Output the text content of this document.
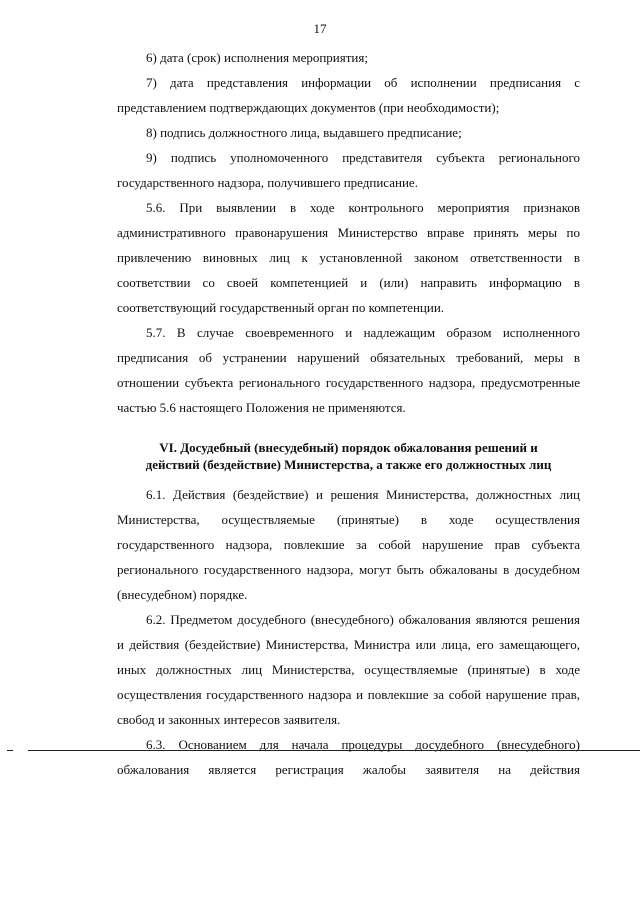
17

6) дата (срок) исполнения мероприятия;

7) дата представления информации об исполнении предписания с представлением подтверждающих документов (при необходимости);

8) подпись должностного лица, выдавшего предписание;

9) подпись уполномоченного представителя субъекта регионального государственного надзора, получившего предписание.

5.6. При выявлении в ходе контрольного мероприятия признаков административного правонарушения Министерство вправе принять меры по привлечению виновных лиц к установленной законом ответственности в соответствии со своей компетенцией и (или) направить информацию в соответствующий государственный орган по компетенции.

5.7. В случае своевременного и надлежащим образом исполненного предписания об устранении нарушений обязательных требований, меры в отношении субъекта регионального государственного надзора, предусмотренные частью 5.6 настоящего Положения не применяются.

VI. Досудебный (внесудебный) порядок обжалования решений и
действий (бездействие) Министерства, а также его должностных лиц

6.1. Действия (бездействие) и решения Министерства, должностных лиц Министерства, осуществляемые (принятые) в ходе осуществления государственного надзора, повлекшие за собой нарушение прав субъекта регионального государственного надзора, могут быть обжалованы в досудебном (внесудебном) порядке.

6.2. Предметом досудебного (внесудебного) обжалования являются решения и действия (бездействие) Министерства, Министра или лица, его замещающего, иных должностных лиц Министерства, осуществляемые (принятые) в ходе осуществления государственного надзора и повлекшие за собой нарушение прав, свобод и законных интересов заявителя.

6.3. Основанием для начала процедуры досудебного (внесудебного) обжалования является регистрация жалобы заявителя на действия
